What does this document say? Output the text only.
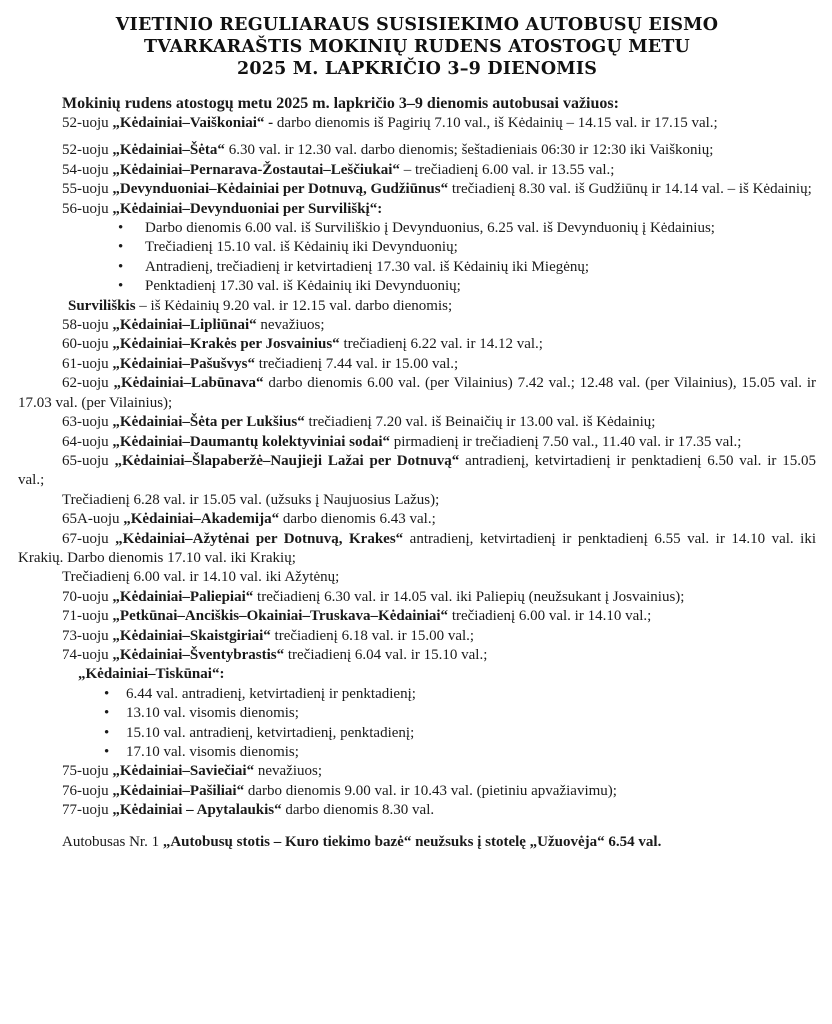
VIETINIO REGULIARAUS SUSISIEKIMO AUTOBUSŲ EISMO
TVARKARAŠTIS MOKINIŲ RUDENS ATOSTOGŲ METU
2025 M. LAPKRIČIO 3–9 DIENOMIS
Mokinių rudens atostogų metu 2025 m. lapkričio 3–9 dienomis autobusai važiuos:
52-uoju „Kėdainiai–Vaiškoniai“ - darbo dienomis iš Pagirių 7.10 val., iš Kėdainių – 14.15 val. ir 17.15 val.;
52-uoju „Kėdainiai–Šėta“ 6.30 val. ir 12.30 val. darbo dienomis; šeštadieniais 06:30 ir 12:30 iki Vaiškonių;
54-uoju „Kėdainiai–Pernarava-Žostautai–Leščiukai“ – trečiadienį 6.00 val. ir 13.55 val.;
55-uoju „Devynduoniai–Kėdainiai per Dotnuvą, Gudžiūnus“ trečiadienį 8.30 val. iš Gudžiūnų ir 14.14 val. – iš Kėdainių;
56-uoju „Kėdainiai–Devynduoniai per Surviliškį“:
• Darbo dienomis 6.00 val. iš Surviliškio į Devynduonius, 6.25 val. iš Devynduonių į Kėdainius;
• Trečiadienį 15.10 val. iš Kėdainių iki Devynduonių;
• Antradienį, trečiadienį ir ketvirtadienį 17.30 val. iš Kėdainių iki Miegėnų;
• Penktadienį 17.30 val. iš Kėdainių iki Devynduonių;
Surviliškis – iš Kėdainių 9.20 val. ir 12.15 val. darbo dienomis;
58-uoju „Kėdainiai–Lipliūnai“ nevažiuos;
60-uoju „Kėdainiai–Krakės per Josvainius“ trečiadienį 6.22 val. ir 14.12 val.;
61-uoju „Kėdainiai–Pašušvys“ trečiadienį 7.44 val. ir 15.00 val.;
62-uoju „Kėdainiai–Labūnava“ darbo dienomis 6.00 val. (per Vilainius) 7.42 val.; 12.48 val. (per Vilainius), 15.05 val. ir 17.03 val. (per Vilainius);
63-uoju „Kėdainiai–Šėta per Lukšius“ trečiadienį 7.20 val. iš Beinaičių ir 13.00 val. iš Kėdainių;
64-uoju „Kėdainiai–Daumantų kolektyviniai sodai“ pirmadienį ir trečiadienį 7.50 val., 11.40 val. ir 17.35 val.;
65-uoju „Kėdainiai–Šlapaberžė–Naujieji Lažai per Dotnuvą“ antradienį, ketvirtadienį ir penktadienį 6.50 val. ir 15.05 val.;
Trečiadienį 6.28 val. ir 15.05 val. (užsuks į Naujuosius Lažus);
65A-uoju „Kėdainiai–Akademija“ darbo dienomis 6.43 val.;
67-uoju „Kėdainiai–Ažytėnai per Dotnuvą, Krakes“ antradienį, ketvirtadienį ir penktadienį 6.55 val. ir 14.10 val. iki Krakių. Darbo dienomis 17.10 val. iki Krakių;
Trečiadienį 6.00 val. ir 14.10 val. iki Ažytėnų;
70-uoju „Kėdainiai–Paliepiai“ trečiadienį 6.30 val. ir 14.05 val. iki Paliepių (neužsukant į Josvainius);
71-uoju „Petkūnai–Anciškis–Okainiai–Truskava–Kėdainiai“ trečiadienį 6.00 val. ir 14.10 val.;
73-uoju „Kėdainiai–Skaistgiriai“ trečiadienį 6.18 val. ir 15.00 val.;
74-uoju „Kėdainiai–Šventybrastis“ trečiadienį 6.04 val. ir 15.10 val.;
„Kėdainiai–Tiskūnai“:
• 6.44 val. antradienį, ketvirtadienį ir penktadienį;
• 13.10 val. visomis dienomis;
• 15.10 val. antradienį, ketvirtadienį, penktadienį;
• 17.10 val. visomis dienomis;
75-uoju „Kėdainiai–Saviečiai“ nevažiuos;
76-uoju „Kėdainiai–Pašiliai“ darbo dienomis 9.00 val. ir 10.43 val. (pietiniu apvažiavimu);
77-uoju „Kėdainiai – Apytalaukis“ darbo dienomis 8.30 val.
Autobusas Nr. 1 „Autobusų stotis – Kuro tiekimo bazė“ neužsuks į stotelę „Užuovėja“ 6.54 val.
